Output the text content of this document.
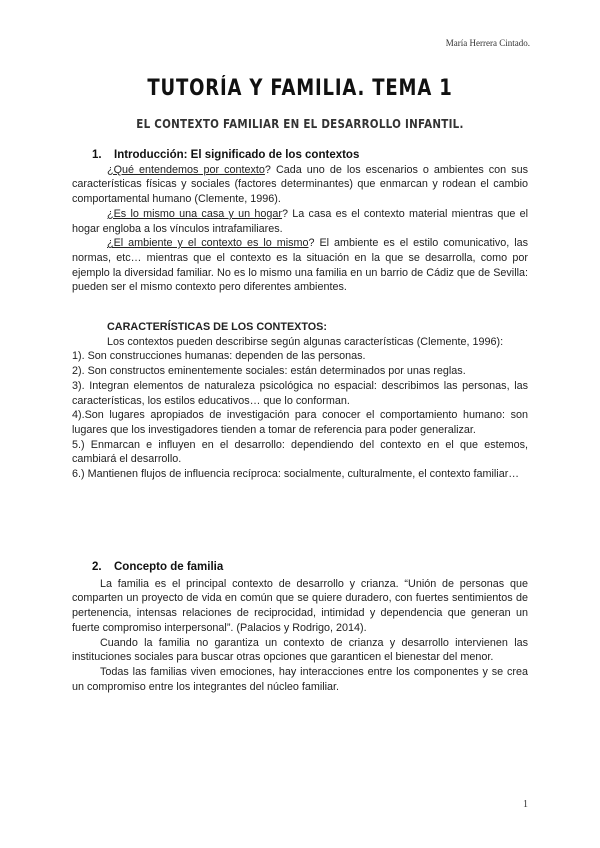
María Herrera Cintado.
TUTORÍA Y FAMILIA. TEMA 1
EL CONTEXTO FAMILIAR EN EL DESARROLLO INFANTIL.

1. Introducción: El significado de los contextos

¿Qué entendemos por contexto? Cada uno de los escenarios o ambientes con sus características físicas y sociales (factores determinantes) que enmarcan y rodean el cambio comportamental humano (Clemente, 1996).

¿Es lo mismo una casa y un hogar? La casa es el contexto material mientras que el hogar engloba a los vínculos intrafamiliares.

¿El ambiente y el contexto es lo mismo? El ambiente es el estilo comunicativo, las normas, etc… mientras que el contexto es la situación en la que se desarrolla, como por ejemplo la diversidad familiar. No es lo mismo una familia en un barrio de Cádiz que de Sevilla: pueden ser el mismo contexto pero diferentes ambientes.

CARACTERÍSTICAS DE LOS CONTEXTOS:

Los contextos pueden describirse según algunas características (Clemente, 1996):

1). Son construcciones humanas: dependen de las personas.

2). Son constructos eminentemente sociales: están determinados por unas reglas.

3). Integran elementos de naturaleza psicológica no espacial: describimos las personas, las características, los estilos educativos… que lo conforman.

4).Son lugares apropiados de investigación para conocer el comportamiento humano: son lugares que los investigadores tienden a tomar de referencia para poder generalizar.

5.) Enmarcan e influyen en el desarrollo: dependiendo del contexto en el que estemos, cambiará el desarrollo.

6.) Mantienen flujos de influencia recíproca: socialmente, culturalmente, el contexto familiar…

2. Concepto de familia

La familia es el principal contexto de desarrollo y crianza. “Unión de personas que comparten un proyecto de vida en común que se quiere duradero, con fuertes sentimientos de pertenencia, intensas relaciones de reciprocidad, intimidad y dependencia que generan un fuerte compromiso interpersonal”. (Palacios y Rodrigo, 2014).

Cuando la familia no garantiza un contexto de crianza y desarrollo intervienen las instituciones sociales para buscar otras opciones que garanticen el bienestar del menor.

Todas las familias viven emociones, hay interacciones entre los componentes y se crea un compromiso entre los integrantes del núcleo familiar.

1
